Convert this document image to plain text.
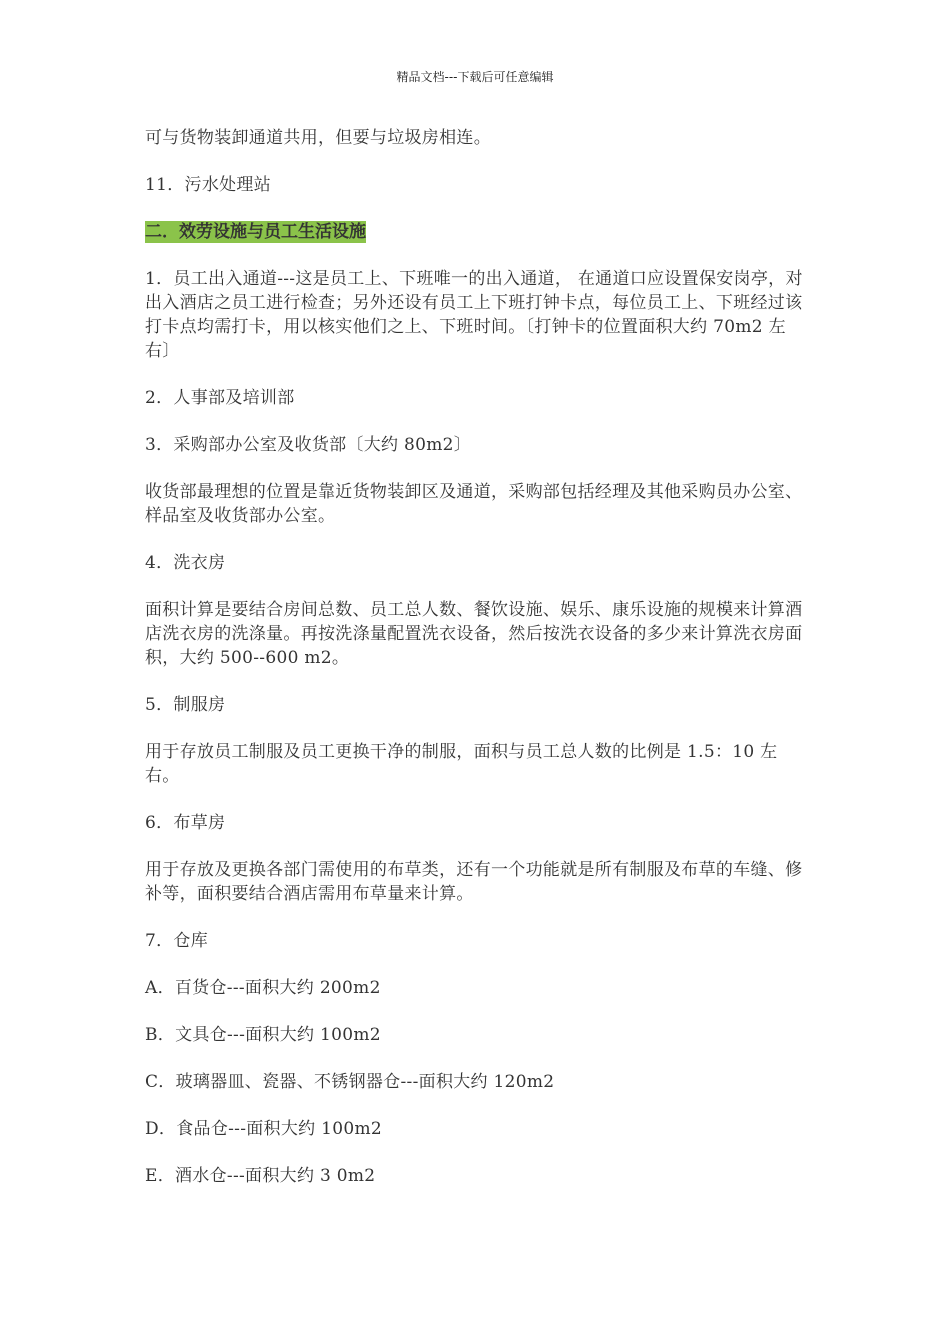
精品文档---下载后可任意编辑

可与货物装卸通道共用，但要与垃圾房相连。

11．污水处理站

二．效劳设施与员工生活设施

1．员工出入通道---这是员工上、下班唯一的出入通道， 在通道口应设置保安岗亭，对出入酒店之员工进行检查；另外还设有员工上下班打钟卡点，每位员工上、下班经过该打卡点均需打卡，用以核实他们之上、下班时间。〔打钟卡的位置面积大约 70m2 左右〕

2．人事部及培训部

3．采购部办公室及收货部〔大约 80m2〕

收货部最理想的位置是靠近货物装卸区及通道，采购部包括经理及其他采购员办公室、样品室及收货部办公室。

4．洗衣房

面积计算是要结合房间总数、员工总人数、餐饮设施、娱乐、康乐设施的规模来计算酒店洗衣房的洗涤量。再按洗涤量配置洗衣设备，然后按洗衣设备的多少来计算洗衣房面积，大约 500--600 m2。

5．制服房

用于存放员工制服及员工更换干净的制服，面积与员工总人数的比例是 1.5：10 左右。

6．布草房

用于存放及更换各部门需使用的布草类，还有一个功能就是所有制服及布草的车缝、修补等，面积要结合酒店需用布草量来计算。

7．仓库

A．百货仓---面积大约 200m2

B．文具仓---面积大约 100m2

C．玻璃器皿、瓷器、不锈钢器仓---面积大约 120m2

D．食品仓---面积大约 100m2

E．酒水仓---面积大约 3 0m2
